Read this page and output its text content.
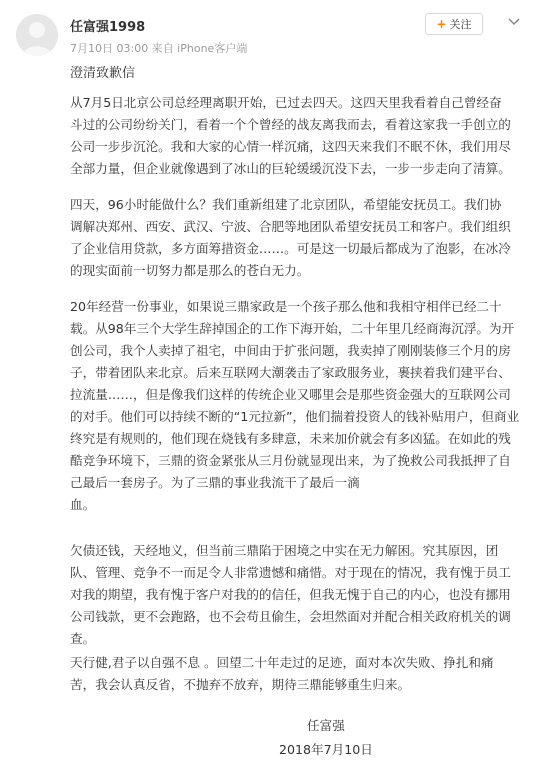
任富强1998
7月10日 03:00 来自 iPhone客户端
+ 关注
澄清致歉信
从7月5日北京公司总经理离职开始，已过去四天。这四天里我看着自己曾经奋
斗过的公司纷纷关门，看着一个个曾经的战友离我而去，看着这家我一手创立的
公司一步步沉沦。我和大家的心情一样沉痛，这四天来我们不眠不休，我们用尽
全部力量，但企业就像遇到了冰山的巨轮缓缓沉没下去，一步一步走向了清算。
四天，96小时能做什么？我们重新组建了北京团队，希望能安抚员工。我们协
调解决郑州、西安、武汉、宁波、合肥等地团队希望安抚员工和客户。我们组织
了企业信用贷款，多方面筹措资金……。可是这一切最后都成为了泡影，在冰冷
的现实面前一切努力都是那么的苍白无力。
20年经营一份事业，如果说三鼎家政是一个孩子那么他和我相守相伴已经二十
载。从98年三个大学生辞掉国企的工作下海开始，二十年里几经商海沉浮。为开
创公司，我个人卖掉了祖宅，中间由于扩张问题，我卖掉了刚刚装修三个月的房
子，带着团队来北京。后来互联网大潮袭击了家政服务业，裹挟着我们建平台、
拉流量……，但是像我们这样的传统企业又哪里会是那些资金强大的互联网公司
的对手。他们可以持续不断的“1元拉新”，他们揣着投资人的钱补贴用户，但商业
终究是有规则的，他们现在烧钱有多肆意，未来加价就会有多凶猛。在如此的残
酷竞争环境下，三鼎的资金紧张从三月份就显现出来，为了挽救公司我抵押了自
己最后一套房子。为了三鼎的事业我流干了最后一滴
血。
欠债还钱，天经地义，但当前三鼎陷于困境之中实在无力解困。究其原因，团
队、管理、竞争不一而足令人非常遗憾和痛惜。对于现在的情况，我有愧于员工
对我的期望，我有愧于客户对我的的信任，但我无愧于自己的内心，也没有挪用
公司钱款，更不会跑路，也不会苟且偷生，会坦然面对并配合相关政府机关的调
查。
天行健,君子以自强不息 。回望二十年走过的足迹，面对本次失败、挣扎和痛
苦，我会认真反省，不抛弃不放弃，期待三鼎能够重生归来。
任富强
2018年7月10日
